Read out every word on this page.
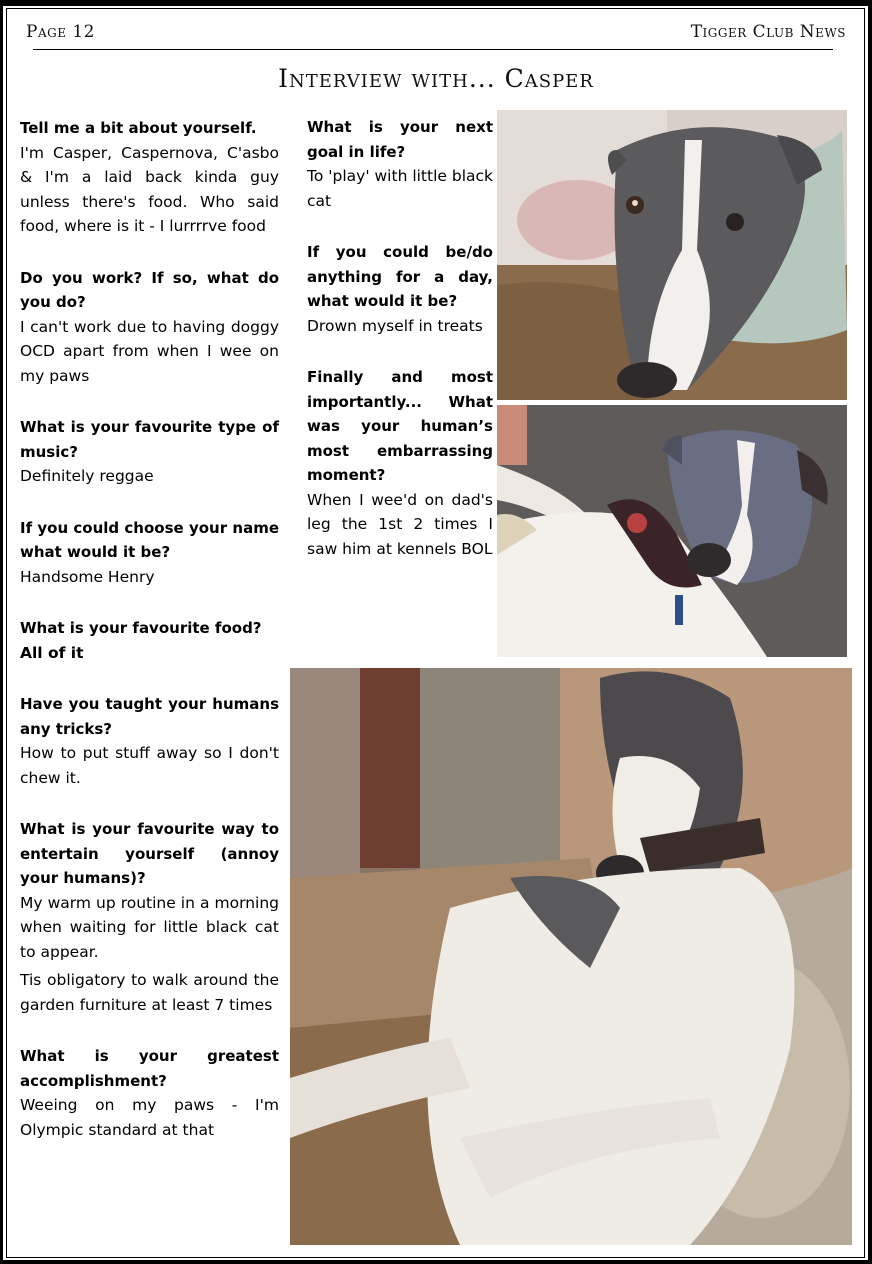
Page 12	Tigger Club News
Interview with... Casper
Tell me a bit about yourself.
I'm Casper, Caspernova, C'asbo & I'm a laid back kinda guy unless there's food. Who said food, where is it - I lurrrrve food
Do you work? If so, what do you do?
I can't work due to having doggy OCD apart from when I wee on my paws
What is your favourite type of music?
Definitely reggae
If you could choose your name what would it be?
Handsome Henry
What is your favourite food?
All of it
Have you taught your humans any tricks?
How to put stuff away so I don't chew it.
What is your favourite way to entertain yourself (annoy your humans)?
My warm up routine in a morning when waiting for little black cat to appear.
Tis obligatory to walk around the garden furniture at least 7 times
What is your greatest accomplishment?
Weeing on my paws - I'm Olympic standard at that
What is your next goal in life?
To 'play' with little black cat
If you could be/do anything for a day, what would it be?
Drown myself in treats
Finally and most importantly... What was your human’s most embarrassing moment?
When I wee'd on dad's leg the 1st 2 times I saw him at kennels BOL
